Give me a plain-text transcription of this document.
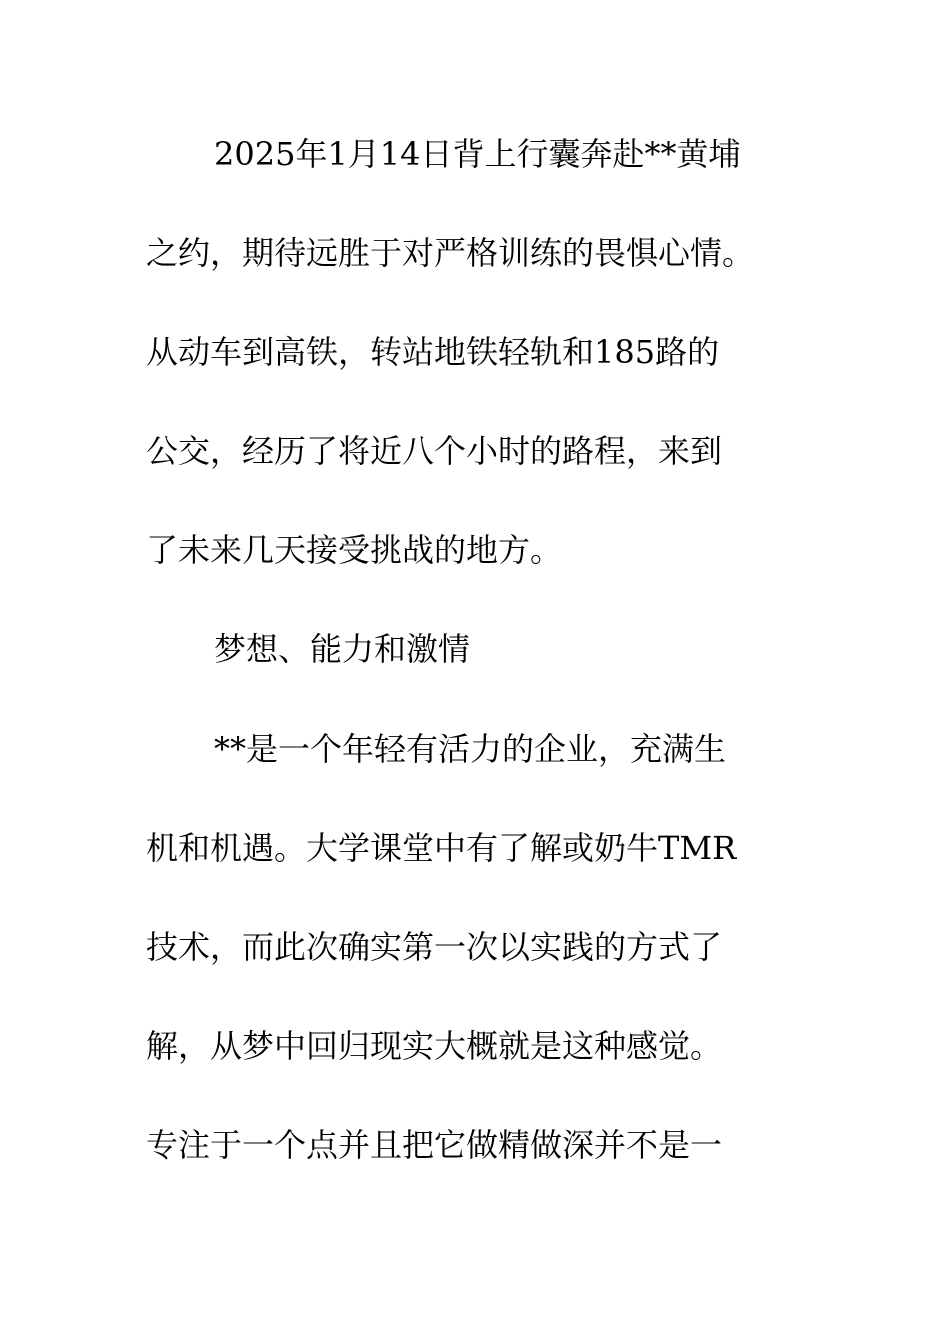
2025年1月14日背上行囊奔赴**黄埔

之约，期待远胜于对严格训练的畏惧心情。

从动车到高铁，转站地铁轻轨和185路的

公交，经历了将近八个小时的路程，来到

了未来几天接受挑战的地方。

梦想、能力和激情

**是一个年轻有活力的企业，充满生

机和机遇。大学课堂中有了解或奶牛TMR

技术，而此次确实第一次以实践的方式了

解，从梦中回归现实大概就是这种感觉。

专注于一个点并且把它做精做深并不是一
